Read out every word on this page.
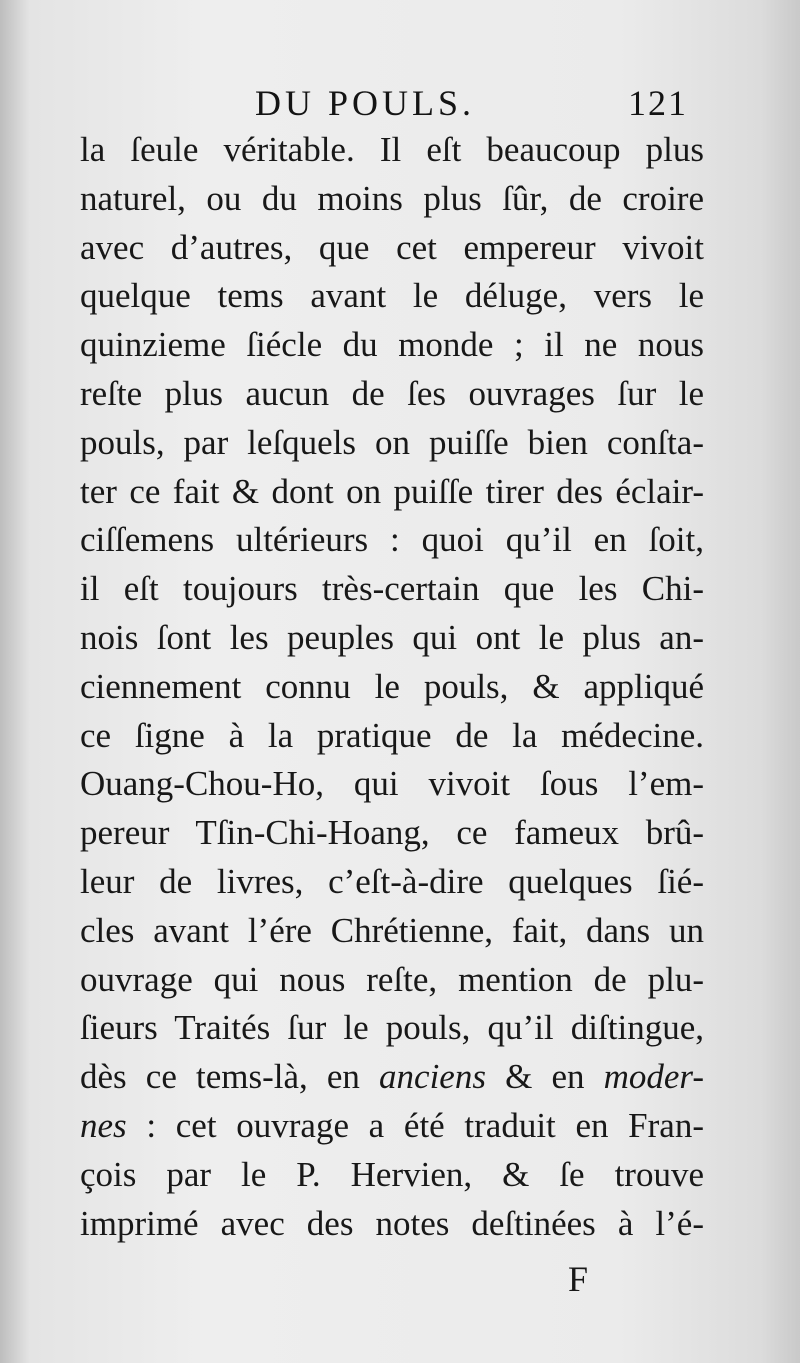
DU POULS.	121
la ſeule véritable. Il eſt beaucoup plus
naturel, ou du moins plus ſûr, de croire
avec d’autres, que cet empereur vivoit
quelque tems avant le déluge, vers le
quinzieme ſiécle du monde ; il ne nous
reſte plus aucun de ſes ouvrages ſur le
pouls, par leſquels on puiſſe bien conſta-
ter ce fait & dont on puiſſe tirer des éclair-
ciſſemens ultérieurs : quoi qu’il en ſoit,
il eſt toujours très-certain que les Chi-
nois ſont les peuples qui ont le plus an-
ciennement connu le pouls, & appliqué
ce ſigne à la pratique de la médecine.
Ouang-Chou-Ho, qui vivoit ſous l’em-
pereur Tſin-Chi-Hoang, ce fameux brû-
leur de livres, c’eſt-à-dire quelques ſié-
cles avant l’ére Chrétienne, fait, dans un
ouvrage qui nous reſte, mention de plu-
ſieurs Traités ſur le pouls, qu’il diſtingue,
dès ce tems-là, en anciens & en moder-
nes : cet ouvrage a été traduit en Fran-
çois par le P. Hervien, & ſe trouve
imprimé avec des notes deſtinées à l’é-
F
